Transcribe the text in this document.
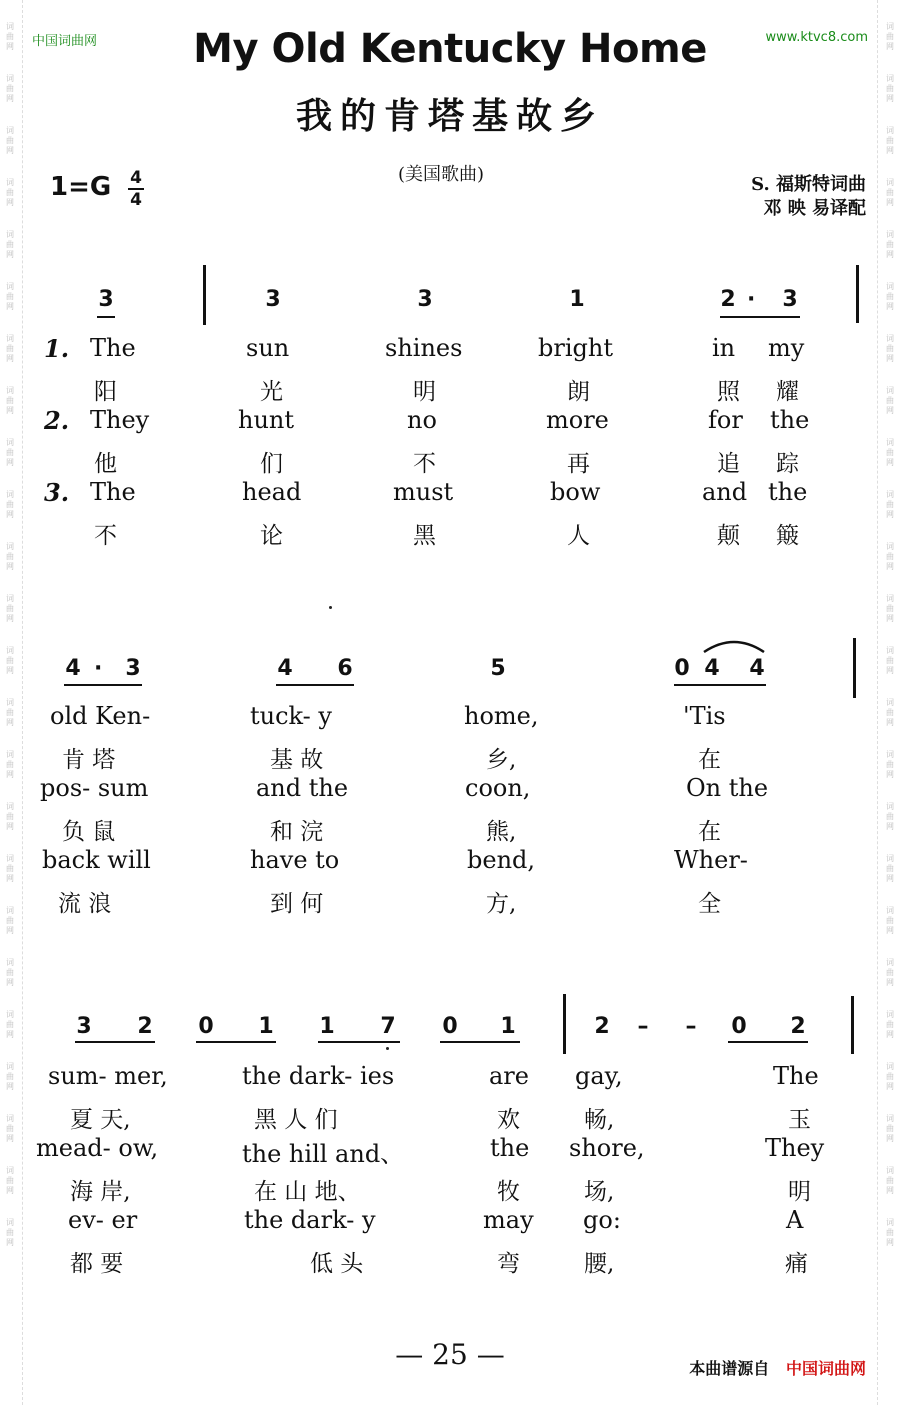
词
曲
网
词
曲
网
词
曲
网
词
曲
网
词
曲
网
词
曲
网
词
曲
网
词
曲
网
词
曲
网
词
曲
网
词
曲
网
词
曲
网
词
曲
网
词
曲
网
词
曲
网
词
曲
网
词
曲
网
词
曲
网
词
曲
网
词
曲
网
词
曲
网
词
曲
网
词
曲
网
词
曲
网
词
曲
网
词
曲
网
词
曲
网
词
曲
网
词
曲
网
词
曲
网
词
曲
网
词
曲
网
词
曲
网
词
曲
网
词
曲
网
词
曲
网
词
曲
网
词
曲
网
词
曲
网
词
曲
网
词
曲
网
词
曲
网
词
曲
网
词
曲
网
词
曲
网
词
曲
网
词
曲
网
词
曲
网
中国词曲网	www.ktvc8.com
My Old Kentucky Home
我的肯塔基故乡
(美国歌曲)
1=G 4
4
S. 福斯特词曲
邓 映 易译配
3	3	3	1	2 ·	3
1.
2.
3.
4 ·	3	4	6	5	0 4	4
3	2	0	1	1	7	0	1	2	–	–	0	2
The	sun	shines	bright	in my
阳	光	明	朗	照 耀
They	hunt	no	more	for the
他	们	不	再	追 踪
The	head	must	bow	and the
不	论	黑	人	颠 簸
old Ken-	tuck- y	home,	'Tis
肯 塔	基 故	乡,	在
pos- sum	and the	coon,	On the
负 鼠	和 浣	熊,	在
back will	have to	bend,	Wher-
流 浪	到 何	方,	全
sum- mer,	the dark- ies	are gay,	The
夏 天,	黑 人 们	欢	畅,	玉
mead- ow,	the hill and、	the shore,	They
海 岸,	在 山 地、	牧	场,	明
ev- er	the dark- y	may go:	A
都 要	低 头	弯	腰,	痛
— 25 —	本曲谱源自 中国词曲网
